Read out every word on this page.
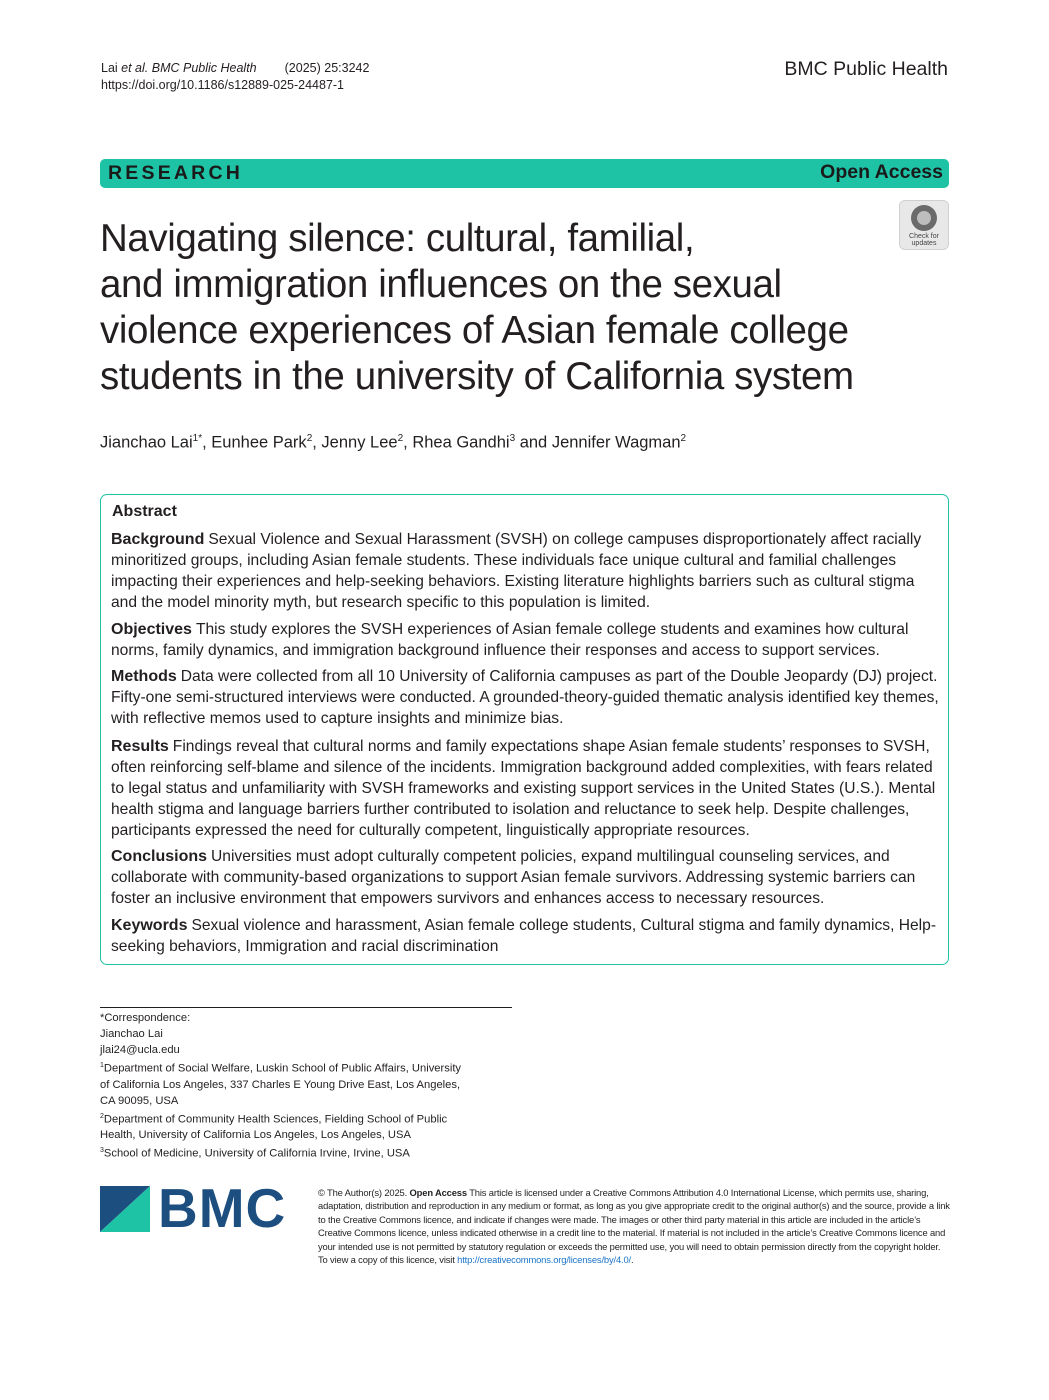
Lai et al. BMC Public Health (2025) 25:3242
https://doi.org/10.1186/s12889-025-24487-1
BMC Public Health
RESEARCH	Open Access
Navigating silence: cultural, familial,
and immigration influences on the sexual
violence experiences of Asian female college
students in the university of California system
Check for
updates
Jianchao Lai$^{1*}$, Eunhee Park$^2$, Jenny Lee$^2$, Rhea Gandhi$^3$ and Jennifer Wagman$^2$
Abstract
Background Sexual Violence and Sexual Harassment (SVSH) on college campuses disproportionately affect racially minoritized groups, including Asian female students. These individuals face unique cultural and familial challenges impacting their experiences and help-seeking behaviors. Existing literature highlights barriers such as cultural stigma and the model minority myth, but research specific to this population is limited.
Objectives This study explores the SVSH experiences of Asian female college students and examines how cultural norms, family dynamics, and immigration background influence their responses and access to support services.
Methods Data were collected from all 10 University of California campuses as part of the Double Jeopardy (DJ) project. Fifty-one semi-structured interviews were conducted. A grounded-theory-guided thematic analysis identified key themes, with reflective memos used to capture insights and minimize bias.
Results Findings reveal that cultural norms and family expectations shape Asian female students’ responses to SVSH, often reinforcing self-blame and silence of the incidents. Immigration background added complexities, with fears related to legal status and unfamiliarity with SVSH frameworks and existing support services in the United States (U.S.). Mental health stigma and language barriers further contributed to isolation and reluctance to seek help. Despite challenges, participants expressed the need for culturally competent, linguistically appropriate resources.
Conclusions Universities must adopt culturally competent policies, expand multilingual counseling services, and collaborate with community-based organizations to support Asian female survivors. Addressing systemic barriers can foster an inclusive environment that empowers survivors and enhances access to necessary resources.
Keywords Sexual violence and harassment, Asian female college students, Cultural stigma and family dynamics, Help-seeking behaviors, Immigration and racial discrimination
*Correspondence:
Jianchao Lai
jlai24@ucla.edu
$^1$Department of Social Welfare, Luskin School of Public Affairs, University
of California Los Angeles, 337 Charles E Young Drive East, Los Angeles,
CA 90095, USA
$^2$Department of Community Health Sciences, Fielding School of Public
Health, University of California Los Angeles, Los Angeles, USA
$^3$School of Medicine, University of California Irvine, Irvine, USA
BMC	© The Author(s) 2025. Open Access This article is licensed under a Creative Commons Attribution 4.0 International License, which permits use, sharing, adaptation, distribution and reproduction in any medium or format, as long as you give appropriate credit to the original author(s) and the source, provide a link to the Creative Commons licence, and indicate if changes were made. The images or other third party material in this article are included in the article’s Creative Commons licence, unless indicated otherwise in a credit line to the material. If material is not included in the article’s Creative Commons licence and your intended use is not permitted by statutory regulation or exceeds the permitted use, you will need to obtain permission directly from the copyright holder. To view a copy of this licence, visit http://creativecommons.org/licenses/by/4.0/.
